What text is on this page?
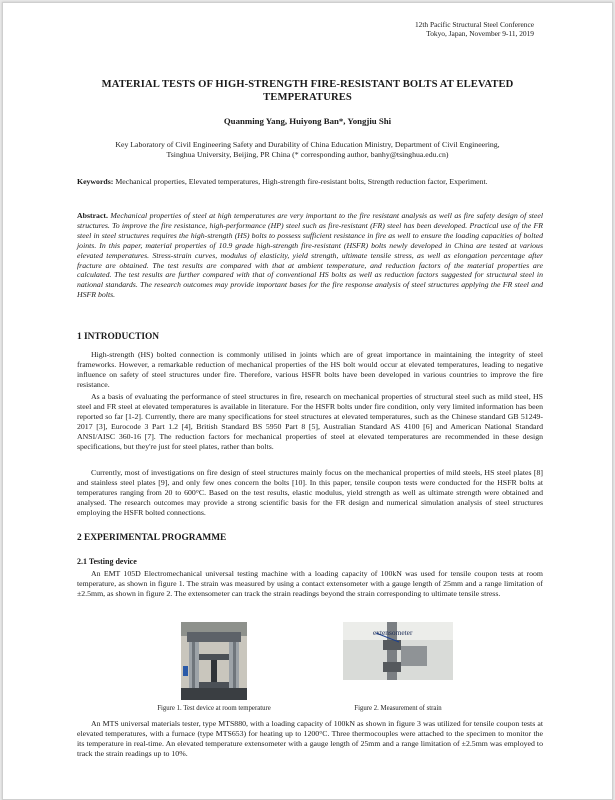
12th Pacific Structural Steel Conference
Tokyo, Japan, November 9-11, 2019
MATERIAL TESTS OF HIGH-STRENGTH FIRE-RESISTANT BOLTS AT ELEVATED
TEMPERATURES
Quanming Yang, Huiyong Ban*, Yongjiu Shi
Key Laboratory of Civil Engineering Safety and Durability of China Education Ministry, Department of Civil Engineering,
Tsinghua University, Beijing, PR China (* corresponding author, banhy@tsinghua.edu.cn)
Keywords: Mechanical properties, Elevated temperatures, High-strength fire-resistant bolts, Strength reduction factor, Experiment.
Abstract. Mechanical properties of steel at high temperatures are very important to the fire resistant analysis as well as fire safety design of steel structures. To improve the fire resistance, high-performance (HP) steel such as fire-resistant (FR) steel has been developed. Practical use of the FR steel in steel structures requires the high-strength (HS) bolts to possess sufficient resistance in fire as well to ensure the loading capacities of bolted joints. In this paper, material properties of 10.9 grade high-strength fire-resistant (HSFR) bolts newly developed in China are tested at various elevated temperatures. Stress-strain curves, modulus of elasticity, yield strength, ultimate tensile stress, as well as elongation percentage after fracture are obtained. The test results are compared with that at ambient temperature, and reduction factors of the material properties are calculated. The test results are further compared with that of conventional HS bolts as well as reduction factors suggested for structural steel in national standards. The research outcomes may provide important bases for the fire response analysis of steel structures applying the FR steel and HSFR bolts.
1 INTRODUCTION
High-strength (HS) bolted connection is commonly utilised in joints which are of great importance in maintaining the integrity of steel frameworks. However, a remarkable reduction of mechanical properties of the HS bolt would occur at elevated temperatures, leading to negative influence on safety of steel structures under fire. Therefore, various HSFR bolts have been developed in various countries to improve the fire resistance.
As a basis of evaluating the performance of steel structures in fire, research on mechanical properties of structural steel such as mild steel, HS steel and FR steel at elevated temperatures is available in literature. For the HSFR bolts under fire condition, only very limited information has been reported so far [1-2]. Currently, there are many specifications for steel structures at elevated temperatures, such as the Chinese standard GB 51249-2017 [3], Eurocode 3 Part 1.2 [4], British Standard BS 5950 Part 8 [5], Australian Standard AS 4100 [6] and American National Standard ANSI/AISC 360-16 [7]. The reduction factors for mechanical properties of steel at elevated temperatures are recommended in these design specifications, but they're just for steel plates, rather than bolts.
Currently, most of investigations on fire design of steel structures mainly focus on the mechanical properties of mild steels, HS steel plates [8] and stainless steel plates [9], and only few ones concern the bolts [10]. In this paper, tensile coupon tests were conducted for the HSFR bolts at temperatures ranging from 20 to 600°C. Based on the test results, elastic modulus, yield strength as well as ultimate strength were obtained and analysed. The research outcomes may provide a strong scientific basis for the FR design and numerical simulation analysis of steel structures employing the HSFR bolted connections.
2 EXPERIMENTAL PROGRAMME
2.1 Testing device
An EMT 105D Electromechanical universal testing machine with a loading capacity of 100kN was used for tensile coupon tests at room temperature, as shown in figure 1. The strain was measured by using a contact extensometer with a gauge length of 25mm and a range limitation of ±2.5mm, as shown in figure 2. The extensometer can track the strain readings beyond the strain corresponding to ultimate tensile stress.
Figure 1. Test device at room temperature
extensometer
Figure 2. Measurement of strain
An MTS universal materials tester, type MTS880, with a loading capacity of 100kN as shown in figure 3 was utilized for tensile coupon tests at elevated temperatures, with a furnace (type MTS653) for heating up to 1200°C. Three thermocouples were attached to the specimen to monitor the its temperature in real-time. An elevated temperature extensometer with a gauge length of 25mm and a range limitation of ±2.5mm was employed to track the strain readings up to 10%.
